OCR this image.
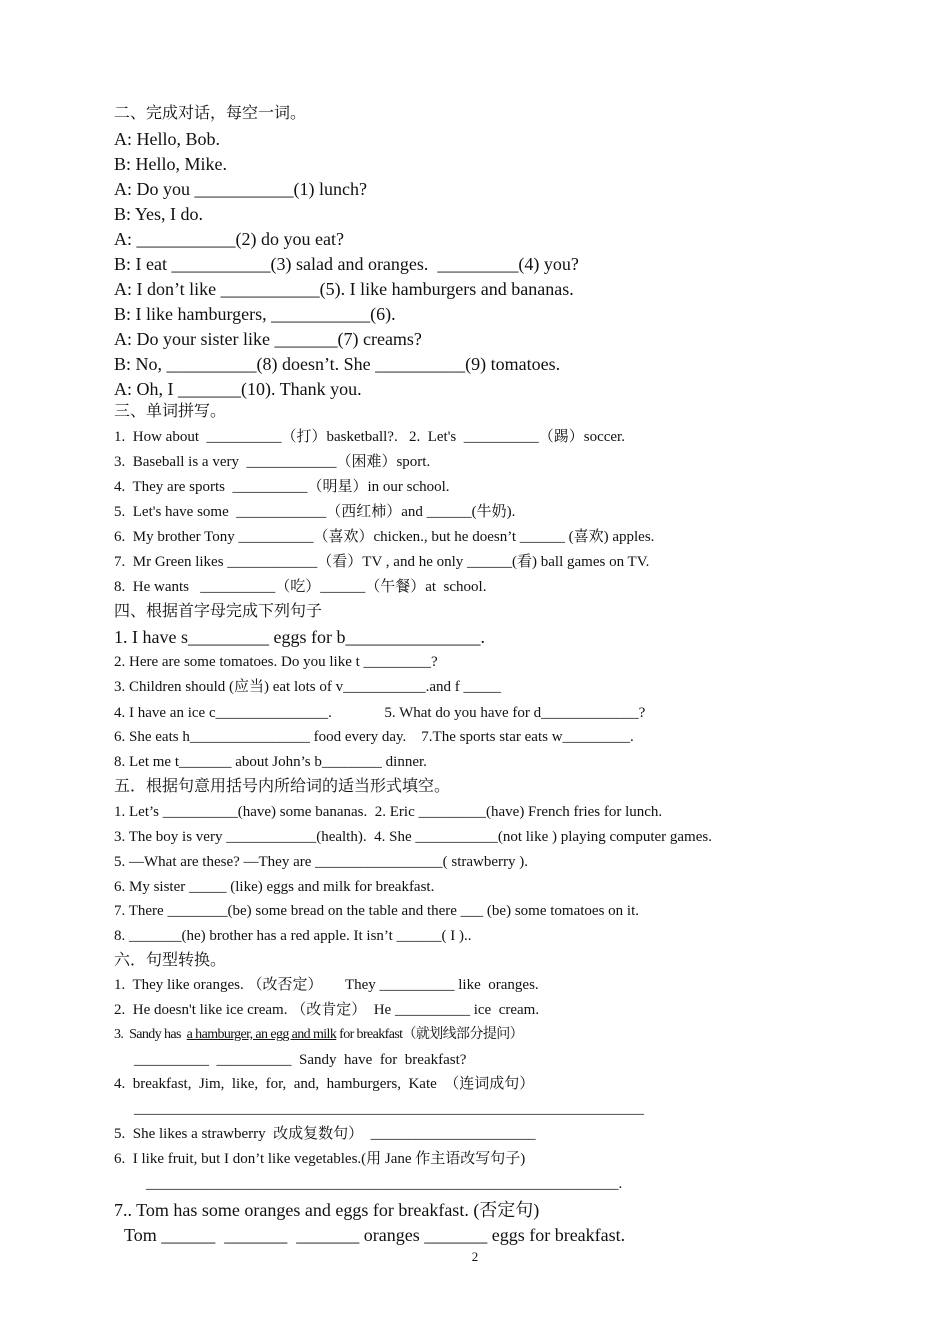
二、完成对话，每空一词。
A: Hello, Bob.
B: Hello, Mike.
A: Do you ___________(1) lunch?
B: Yes, I do.
A: ___________(2) do you eat?
B: I eat ___________(3) salad and oranges.  _________(4) you?
A: I don’t like ___________(5). I like hamburgers and bananas.
B: I like hamburgers, ___________(6).
A: Do your sister like _______(7) creams?
B: No, __________(8) doesn’t. She __________(9) tomatoes.
A: Oh, I _______(10). Thank you.
三、单词拼写。
1.  How about  __________（打）basketball?.   2.  Let's  __________（踢）soccer.
3.  Baseball is a very  ____________（困难）sport.
4.  They are sports  __________（明星）in our school.
5.  Let's have some  ____________（西红柿）and ______(牛奶).
6.  My brother Tony __________（喜欢）chicken., but he doesn’t ______ (喜欢) apples.
7.  Mr Green likes ____________（看）TV , and he only ______(看) ball games on TV.
8.  He wants   __________（吃）______（午餐）at  school.
四、根据首字母完成下列句子
1. I have s_________ eggs for b_______________.
2. Here are some tomatoes. Do you like t _________?
3. Children should (应当) eat lots of v___________.and f _____
4. I have an ice c_______________.              5. What do you have for d_____________?
6. She eats h________________ food every day.    7.The sports star eats w_________.
8. Let me t_______ about John’s b________ dinner.
五．根据句意用括号内所给词的适当形式填空。
1. Let’s __________(have) some bananas.  2. Eric _________(have) French fries for lunch.
3. The boy is very ____________(health).  4. She ___________(not like ) playing computer games.
5. —What are these? —They are _________________( strawberry ).
6. My sister _____ (like) eggs and milk for breakfast.
7. There ________(be) some bread on the table and there ___ (be) some tomatoes on it.
8. _______(he) brother has a red apple. It isn’t ______( I )..
六．句型转换。
1.  They like oranges. （改否定）      They __________ like  oranges.
2.  He doesn't like ice cream. （改肯定）  He __________ ice  cream.
3.  Sandy has  a hamburger, an egg and milk for breakfast（就划线部分提问）
__________  __________  Sandy  have  for  breakfast?
4.  breakfast,  Jim,  like,  for,  and,  hamburgers,  Kate  （连词成句）
____________________________________________________________________
5.  She likes a strawberry  改成复数句）  ______________________
6.  I like fruit, but I don’t like vegetables.(用 Jane 作主语改写句子)
_______________________________________________________________.
7.. Tom has some oranges and eggs for breakfast. (否定句)
Tom ______  _______  _______ oranges _______ eggs for breakfast.
2
